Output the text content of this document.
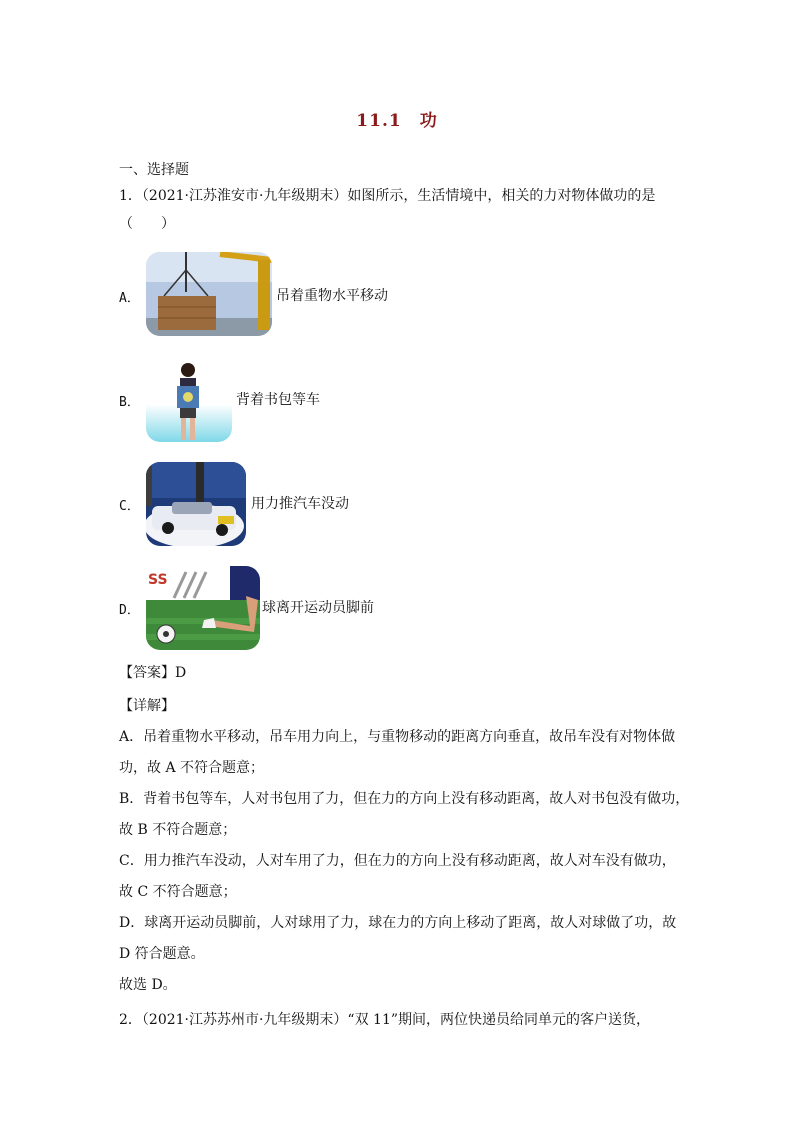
11.1　功
一、选择题
1．（2021·江苏淮安市·九年级期末）如图所示，生活情境中，相关的力对物体做功的是
（　　）
A．	吊着重物水平移动
B．	背着书包等车
C．	用力推汽车没动
D．
SS
球离开运动员脚前
【答案】D
【详解】
A．吊着重物水平移动，吊车用力向上，与重物移动的距离方向垂直，故吊车没有对物体做
功，故 A 不符合题意；
B．背着书包等车，人对书包用了力，但在力的方向上没有移动距离，故人对书包没有做功，
故 B 不符合题意；
C．用力推汽车没动，人对车用了力，但在力的方向上没有移动距离，故人对车没有做功，
故 C 不符合题意；
D．球离开运动员脚前，人对球用了力，球在力的方向上移动了距离，故人对球做了功，故
D 符合题意。
故选 D。
2．（2021·江苏苏州市·九年级期末）“双 11”期间，两位快递员给同单元的客户送货，
